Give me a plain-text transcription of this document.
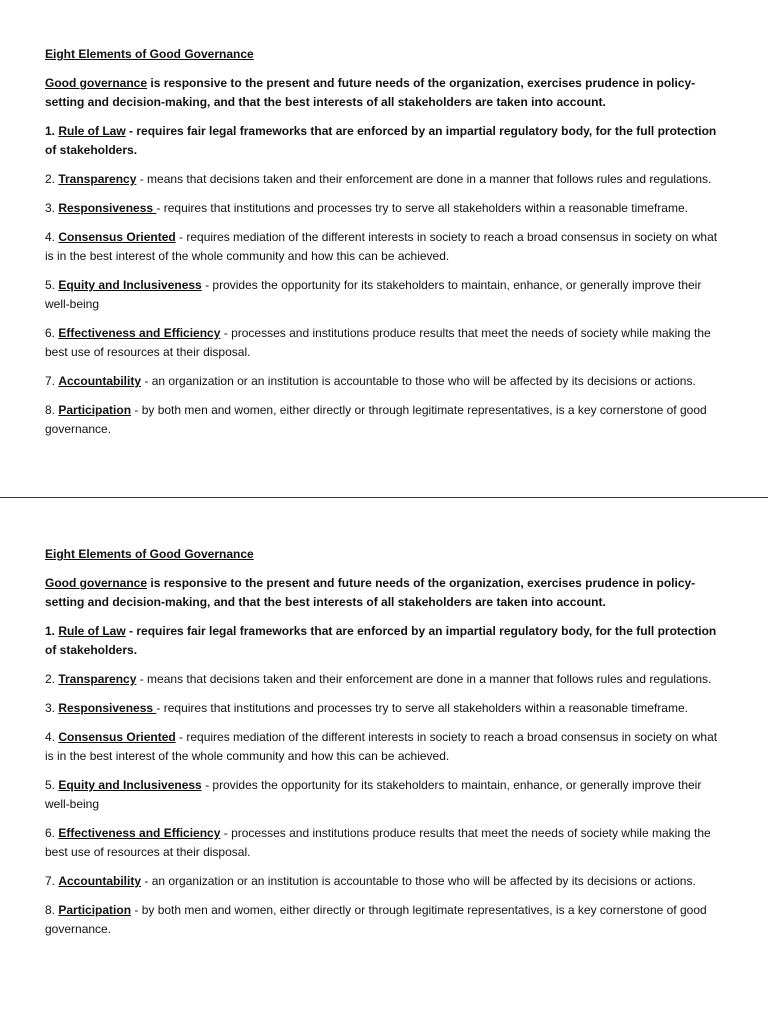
Eight Elements of Good Governance
Good governance is responsive to the present and future needs of the organization, exercises prudence in policy-setting and decision-making, and that the best interests of all stakeholders are taken into account.
1. Rule of Law - requires fair legal frameworks that are enforced by an impartial regulatory body, for the full protection of stakeholders.
2. Transparency - means that decisions taken and their enforcement are done in a manner that follows rules and regulations.
3. Responsiveness - requires that institutions and processes try to serve all stakeholders within a reasonable timeframe.
4. Consensus Oriented - requires mediation of the different interests in society to reach a broad consensus in society on what is in the best interest of the whole community and how this can be achieved.
5. Equity and Inclusiveness - provides the opportunity for its stakeholders to maintain, enhance, or generally improve their well-being
6. Effectiveness and Efficiency - processes and institutions produce results that meet the needs of society while making the best use of resources at their disposal.
7. Accountability - an organization or an institution is accountable to those who will be affected by its decisions or actions.
8. Participation - by both men and women, either directly or through legitimate representatives, is a key cornerstone of good governance.
Eight Elements of Good Governance
Good governance is responsive to the present and future needs of the organization, exercises prudence in policy-setting and decision-making, and that the best interests of all stakeholders are taken into account.
1. Rule of Law - requires fair legal frameworks that are enforced by an impartial regulatory body, for the full protection of stakeholders.
2. Transparency - means that decisions taken and their enforcement are done in a manner that follows rules and regulations.
3. Responsiveness - requires that institutions and processes try to serve all stakeholders within a reasonable timeframe.
4. Consensus Oriented - requires mediation of the different interests in society to reach a broad consensus in society on what is in the best interest of the whole community and how this can be achieved.
5. Equity and Inclusiveness - provides the opportunity for its stakeholders to maintain, enhance, or generally improve their well-being
6. Effectiveness and Efficiency - processes and institutions produce results that meet the needs of society while making the best use of resources at their disposal.
7. Accountability - an organization or an institution is accountable to those who will be affected by its decisions or actions.
8. Participation - by both men and women, either directly or through legitimate representatives, is a key cornerstone of good governance.
